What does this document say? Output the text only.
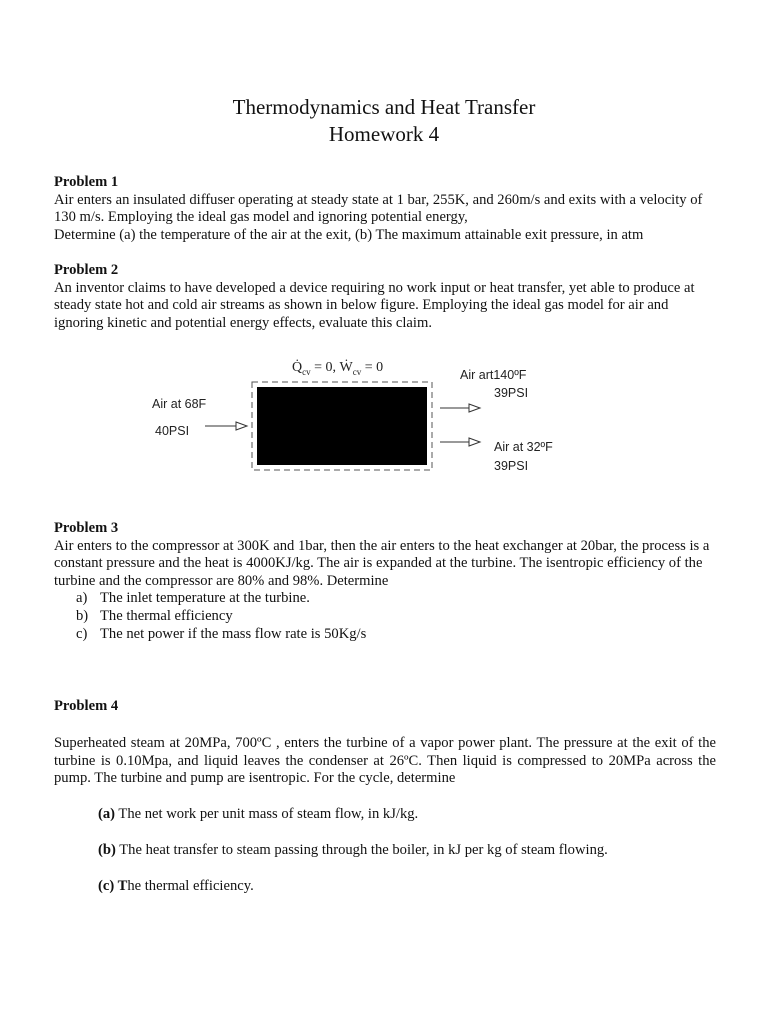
Thermodynamics and Heat Transfer
Homework 4
Problem 1

Air enters an insulated diffuser operating at steady state at 1 bar, 255K, and 260m/s and exits with a velocity of 130 m/s. Employing the ideal gas model and ignoring potential energy,

Determine (a) the temperature of the air at the exit, (b) The maximum attainable exit pressure, in atm

Problem 2

An inventor claims to have developed a device requiring no work input or heat transfer, yet able to produce at steady state hot and cold air streams as shown in below figure. Employing the ideal gas model for air and ignoring kinetic and potential energy effects, evaluate this claim.

$Q̇_{cv} = 0$, Ẇ$_{cv}$ = 0
Air at 68F
40PSI
Air art140ºF
39PSI
Air at 32ºF
39PSI
Problem 3

Air enters to the compressor at 300K and 1bar, then the air enters to the heat exchanger at 20bar, the process is a constant pressure and the heat is 4000KJ/kg. The air is expanded at the turbine. The isentropic efficiency of the turbine and the compressor are 80% and 98%. Determine

a) The inlet temperature at the turbine.
b) The thermal efficiency
c) The net power if the mass flow rate is 50Kg/s
Problem 4

Superheated steam at 20MPa, 700ºC , enters the turbine of a vapor power plant. The pressure at the exit of the turbine is 0.10Mpa, and liquid leaves the condenser at 26ºC. Then liquid is compressed to 20MPa across the pump. The turbine and pump are isentropic. For the cycle, determine

(a) The net work per unit mass of steam flow, in kJ/kg.

(b) The heat transfer to steam passing through the boiler, in kJ per kg of steam flowing.

(c) The thermal efficiency.
